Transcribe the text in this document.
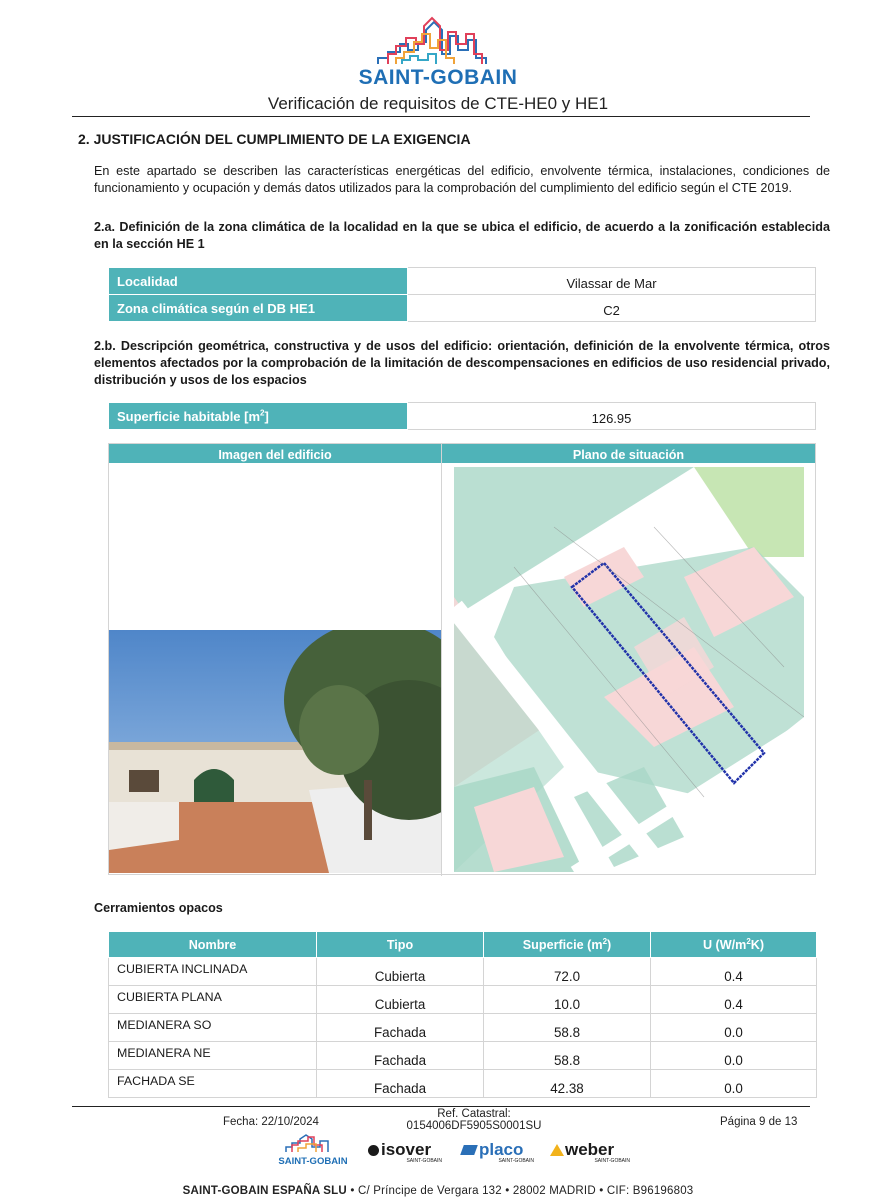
SAINT-GOBAIN
Verificación de requisitos de CTE-HE0 y HE1
2. JUSTIFICACIÓN DEL CUMPLIMIENTO DE LA EXIGENCIA
En este apartado se describen las características energéticas del edificio, envolvente térmica, instalaciones, condiciones de funcionamiento y ocupación y demás datos utilizados para la comprobación del cumplimiento del edificio según el CTE 2019.
2.a. Definición de la zona climática de la localidad en la que se ubica el edificio, de acuerdo a la zonificación establecida en la sección HE 1
Localidad	Vilassar de Mar
Zona climática según el DB HE1	C2
2.b. Descripción geométrica, constructiva y de usos del edificio: orientación, definición de la envolvente térmica, otros elementos afectados por la comprobación de la limitación de descompensaciones en edificios de uso residencial privado, distribución y usos de los espacios
Superficie habitable $[m^2]$	126.95
Imagen del edificio	Plano de situación
Cerramientos opacos
Nombre	Tipo	Superficie $(m^2)$	U $(W/m^2K)$
CUBIERTA INCLINADA	Cubierta	72.0	0.4
CUBIERTA PLANA	Cubierta	10.0	0.4
MEDIANERA SO	Fachada	58.8	0.0
MEDIANERA NE	Fachada	58.8	0.0
FACHADA SE	Fachada	42.38	0.0
Fecha: 22/10/2024
Ref. Catastral:
0154006DF5905S0001SU	Página 9 de 13
SAINT-GOBAIN
isover
SAINT-GOBAIN
placo
SAINT-GOBAIN
weber
SAINT-GOBAIN
SAINT-GOBAIN ESPAÑA SLU • C/ Príncipe de Vergara 132 • 28002 MADRID • CIF: B96196803
